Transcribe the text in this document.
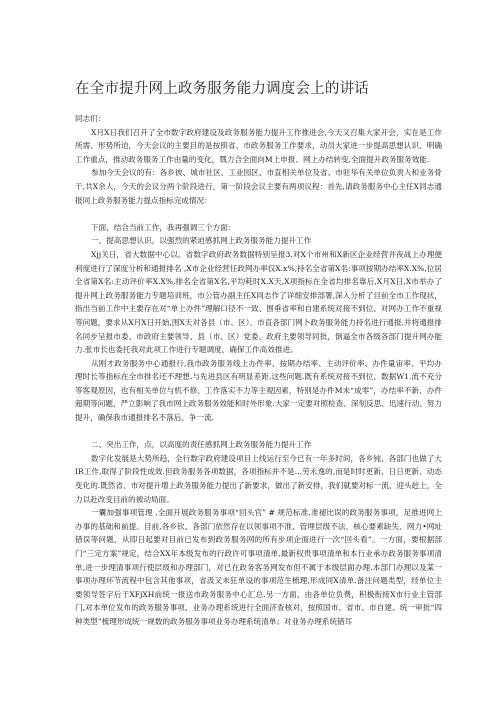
在全市提升网上政务服务能力调度会上的讲话

同志们：

X月X日我们召开了全市数字政府建设及政务服务能力提升工作推进会,今天又召集大家开会，实在是工作所需、形势所迫，今天会议的主要目的是按照省、市政务服务工作要求，动员大家进一步提高思想认识、明确工作重点，推动政务服务工作由量的变化，戮力合全面向M上申报、网上办结转变,全面提升政务服务效能.

参加今天会议的有：各乡彼、城市社区、工业园区、市直相关单位及省、市驻华有关单位负责人和业务骨干,共X余人，今天的会议分两个阶段进行，第一阶段会议主要有两项议程：首先,请政务服务中心主任X同志通报同上政务服务能力提点指标完成情况：

下面，结合当前工作，我再强调三个方面：

一、提高思想认识，以强烈的紧迫感抓网上政务服务能力提升工作

Xjj关日，省大数据中心以。省数字政府政务数据特别呈报3.对X个市州和X新区企业经营并夜战上办理便利度进行了深度分析和通报排名 ,X市企业经营任政网办率仅X.x%,持名全省第X名:事项按期办结率X.X%,位居全省第X名:主动评价率X.X%,排名全省第X名,平均耗时X.X天,X项指标在全省均排名靠后,X月X日,X市举办了提升网上政务服务能力专题培训班，市公管办副主任X同志作了详细安排部署,深入分析了目前全市工作现状，指出当前工作中主要存在对“单上办件”理解口径不一致、围垂省率和自建系统对接不到位、对网办工作不重视等问题，要求从X月X日开始,围X天对各县（市、区）、市直各部门网卜政务服务能力持名进行通报,并将通报排名同步呈报市委、市政府主要领导、县（市、区）党委、政府主要领导同批，倒逼全市各级各部门提升网办能力.张市长也委托我对此项工作进行专题调度，确保工作高效推进。

从刚才政务服务中心通报行,我市政务服务线上办件率、按期办结率、主动评价率、办件量宙率、平均办理时长等指标在全市排名还不理想.与先进县区有明显差距.这些问题.既有系统对接不到位、数据W1.流不充分等客观原因，也有相关单位与机不修、工作落实不力等主观因素，特别是办件M未“成零”，办结率不新、办件超期等问题，严立影响了我市网上政务服务效能和时外形象.大家一定要对照检查、深刻反思、迅速行动、努力提升，确保我市通报排名不落后、争一流.

二、突出工作，点，以高度的责任感抓网上政务服务能力提升工作

数字化发展是大势所趋，全行数字政府建设项目上线运行至今已有一年多时间，各乡钝、各部门也做了大IR工作,取得了阶段性成效.但政务服务各项数据，各项指标并不是…劳永逸的,而是时时更新、日日更新、动态变化的.既然省、市对提升增上政务服务能力提出了新要求，做出了新安排，我们就要对标一流，迎头赶上，全力以赴改变目前的被动局面。

一囊加强事项管理 ,全面开展政务服务事项“回头官” # 规范标准,准褪比误的政务服务事项，足推进网上办事的基础和前提。目前,各乡钦、各部门依然存在以领事项不准、管埋层级不法、核心要素缺失、网力•网址错误等问题，从即日起要对目前已发布到政务服务网的所有步项企面进行一次“回头看”。一方面，要根据部门“三定方案”规定，结合XX年本级发布的行政许可事项清单,最新权贵事项清单和本行业承办政务服务事项清单,进一步理清事项行使层级和办理部门，对已在政务客务网发布但不属于本级层面办理.本部门办理以及某一事项办理环节流程中包含其他事项，省汲又未狂单设的事项范生梳理,形成同X清单.备注问题类型，经单位主要领导签字后于XFjXH前统一报送市政务服务中心汇总.另一方面，由各单位负费，积极衔接X市行业主管部门,对本单位发布的政务服务事项、业务办理系统进行全面济查核对，按照国市、省市、市自建、统一审批“四种类型”梳理形成统一规数的政务服务事项业务办理系统清单；对业务办理系统错耳
